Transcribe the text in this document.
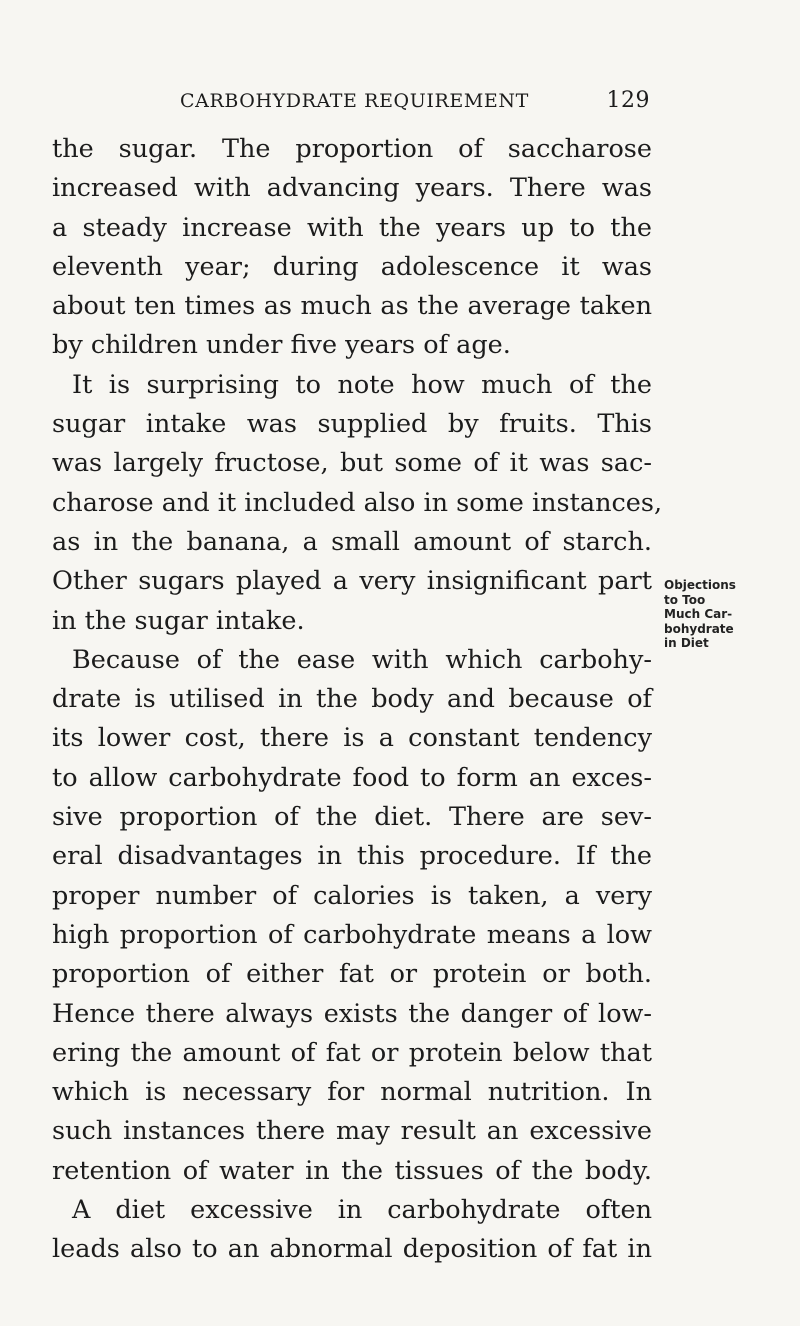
CARBOHYDRATE REQUIREMENT	129
the sugar. The proportion of saccharose
increased with advancing years. There was
a steady increase with the years up to the
eleventh year; during adolescence it was
about ten times as much as the average taken
by children under five years of age.
It is surprising to note how much of the
sugar intake was supplied by fruits. This
was largely fructose, but some of it was sac-
charose and it included also in some instances,
as in the banana, a small amount of starch.
Other sugars played a very insignificant part
in the sugar intake.
Because of the ease with which carbohy-
drate is utilised in the body and because of
its lower cost, there is a constant tendency
to allow carbohydrate food to form an exces-
sive proportion of the diet. There are sev-
eral disadvantages in this procedure. If the
proper number of calories is taken, a very
high proportion of carbohydrate means a low
proportion of either fat or protein or both.
Hence there always exists the danger of low-
ering the amount of fat or protein below that
which is necessary for normal nutrition. In
such instances there may result an excessive
retention of water in the tissues of the body.
A diet excessive in carbohydrate often
leads also to an abnormal deposition of fat in
Objections
to Too
Much Car-
bohydrate
in Diet
